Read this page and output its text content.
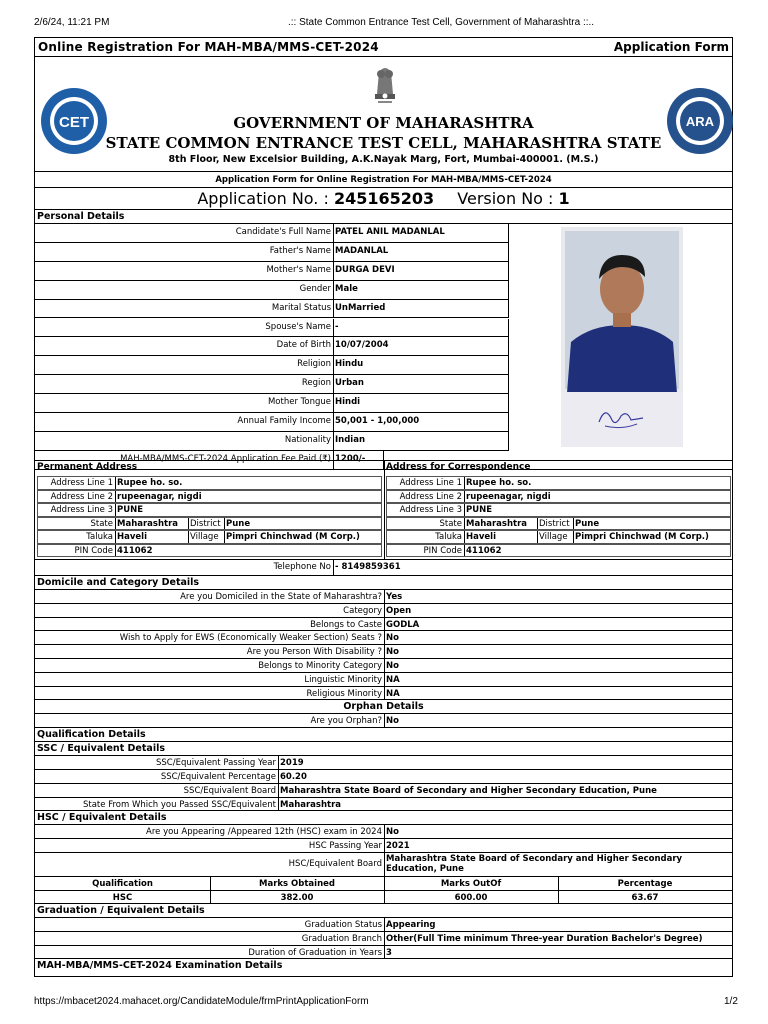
2/6/24, 11:21 PM	.:: State Common Entrance Test Cell, Government of Maharashtra ::..
Online Registration For MAH-MBA/MMS-CET-2024	Application Form
CET	ARA
GOVERNMENT OF MAHARASHTRA
STATE COMMON ENTRANCE TEST CELL, MAHARASHTRA STATE
8th Floor, New Excelsior Building, A.K.Nayak Marg, Fort, Mumbai-400001. (M.S.)
Application Form for Online Registration For MAH-MBA/MMS-CET-2024
Application No. : 245165203 Version No : 1
Personal Details
Candidate's Full Name PATEL ANIL MADANLAL
Father's Name MADANLAL
Mother's Name DURGA DEVI
Gender Male
Marital Status UnMarried
Spouse's Name -
Date of Birth 10/07/2004
Religion Hindu
Region Urban
Mother Tongue Hindi
Annual Family Income 50,001 - 1,00,000
Nationality Indian
MAH-MBA/MMS-CET-2024 Application Fee Paid (₹) 1200/-
Permanent Address
Address Line 1 Rupee ho. so.
Address Line 2 rupeenagar, nigdi
Address Line 3 PUNE
State Maharashtra District Pune
Taluka Haveli	Village Pimpri Chinchwad (M Corp.)
PIN Code 411062
Address for Correspondence
Address Line 1 Rupee ho. so.
Address Line 2 rupeenagar, nigdi
Address Line 3 PUNE
State Maharashtra District Pune
Taluka Haveli	Village Pimpri Chinchwad (M Corp.)
PIN Code 411062
Telephone No - 8149859361
Domicile and Category Details
Are you Domiciled in the State of Maharashtra? Yes
Category Open
Belongs to Caste GODLA
Wish to Apply for EWS (Economically Weaker Section) Seats ? No
Are you Person With Disability ? No
Belongs to Minority Category No
Linguistic Minority NA
Religious Minority NA
Orphan Details
Are you Orphan? No
Qualification Details
SSC / Equivalent Details
SSC/Equivalent Passing Year 2019
SSC/Equivalent Percentage 60.20
SSC/Equivalent Board Maharashtra State Board of Secondary and Higher Secondary Education, Pune
State From Which you Passed SSC/Equivalent Maharashtra
HSC / Equivalent Details
Are you Appearing /Appeared 12th (HSC) exam in 2024 No
HSC Passing Year 2021
HSC/Equivalent Board Maharashtra State Board of Secondary and Higher Secondary
Education, Pune
Qualification	Marks Obtained	Marks OutOf	Percentage
HSC	382.00	600.00	63.67
Graduation / Equivalent Details
Graduation Status Appearing
Graduation Branch Other(Full Time minimum Three-year Duration Bachelor's Degree)
Duration of Graduation in Years 3
MAH-MBA/MMS-CET-2024 Examination Details
https://mbacet2024.mahacet.org/CandidateModule/frmPrintApplicationForm	1/2
